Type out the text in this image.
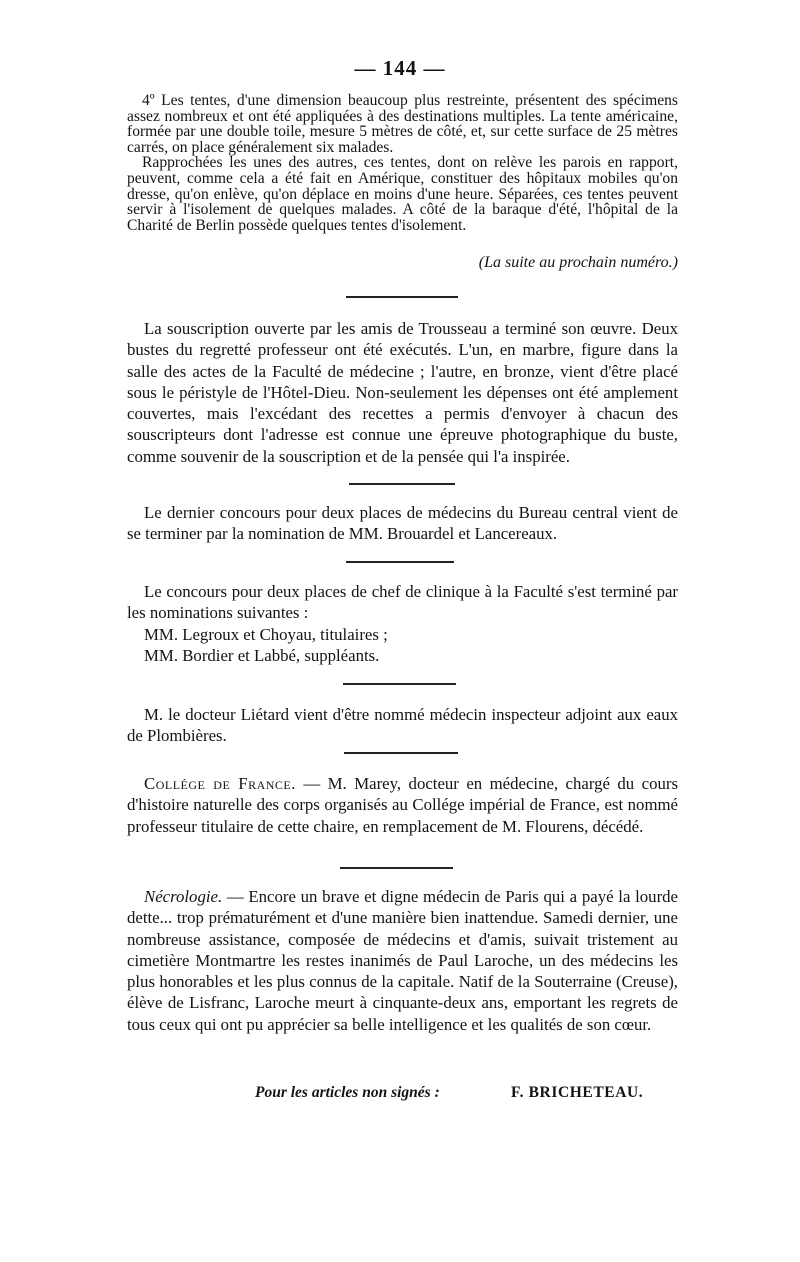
— 144 —

4º Les tentes, d'une dimension beaucoup plus restreinte, présentent des spécimens assez nombreux et ont été appliquées à des destinations multiples. La tente américaine, formée par une double toile, mesure 5 mètres de côté, et, sur cette surface de 25 mètres carrés, on place généralement six malades.

Rapprochées les unes des autres, ces tentes, dont on relève les parois en rapport, peuvent, comme cela a été fait en Amérique, constituer des hôpitaux mobiles qu'on dresse, qu'on enlève, qu'on déplace en moins d'une heure. Séparées, ces tentes peuvent servir à l'isolement de quelques malades. A côté de la baraque d'été, l'hôpital de la Charité de Berlin possède quelques tentes d'isolement.

(La suite au prochain numéro.)

La souscription ouverte par les amis de Trousseau a terminé son œuvre. Deux bustes du regretté professeur ont été exécutés. L'un, en marbre, figure dans la salle des actes de la Faculté de médecine ; l'autre, en bronze, vient d'être placé sous le péristyle de l'Hôtel-Dieu. Non-seulement les dépenses ont été amplement couvertes, mais l'excédant des recettes a permis d'envoyer à chacun des souscripteurs dont l'adresse est connue une épreuve photographique du buste, comme souvenir de la souscription et de la pensée qui l'a inspirée.

Le dernier concours pour deux places de médecins du Bureau central vient de se terminer par la nomination de MM. Brouardel et Lancereaux.

Le concours pour deux places de chef de clinique à la Faculté s'est terminé par les nominations suivantes :

MM. Legroux et Choyau, titulaires ;

MM. Bordier et Labbé, suppléants.

M. le docteur Liétard vient d'être nommé médecin inspecteur adjoint aux eaux de Plombières.

Collége de France. — M. Marey, docteur en médecine, chargé du cours d'histoire naturelle des corps organisés au Collége impérial de France, est nommé professeur titulaire de cette chaire, en remplacement de M. Flourens, décédé.

Nécrologie. — Encore un brave et digne médecin de Paris qui a payé la lourde dette... trop prématurément et d'une manière bien inattendue. Samedi dernier, une nombreuse assistance, composée de médecins et d'amis, suivait tristement au cimetière Montmartre les restes inanimés de Paul Laroche, un des médecins les plus honorables et les plus connus de la capitale. Natif de la Souterraine (Creuse), élève de Lisfranc, Laroche meurt à cinquante-deux ans, emportant les regrets de tous ceux qui ont pu apprécier sa belle intelligence et les qualités de son cœur.

Pour les articles non signés :	F. BRICHETEAU.
